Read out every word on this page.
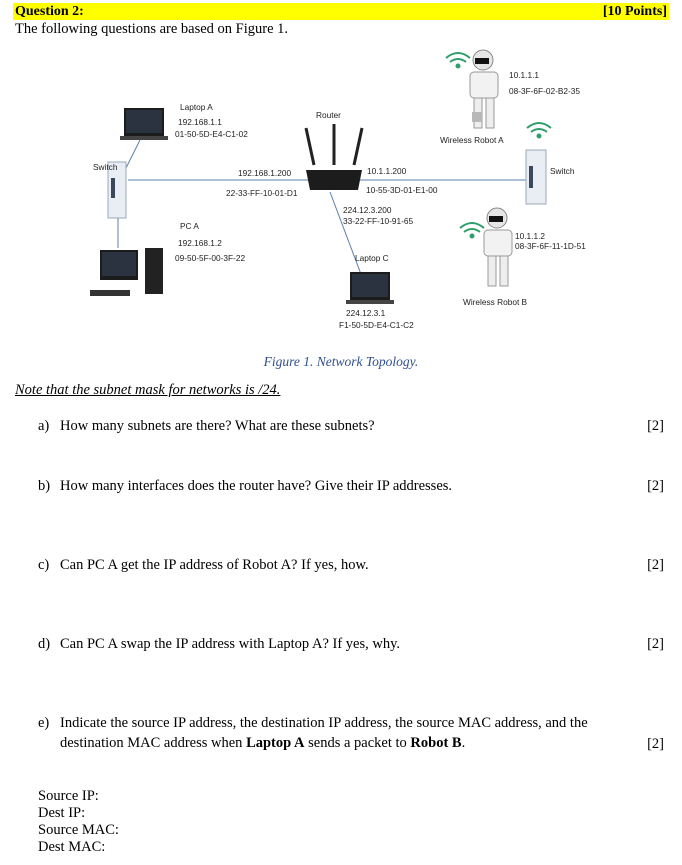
Question 2:	[10 Points]
The following questions are based on Figure 1.
Laptop A
192.168.1.1
01-50-5D-E4-C1-02
Router
Switch
192.168.1.200
22-33-FF-10-01-D1
10.1.1.200
10-55-3D-01-E1-00
224.12.3.200
33-22-FF-10-91-65
PC A
192.168.1.2
09-50-5F-00-3F-22	Laptop C
224.12.3.1
F1-50-5D-E4-C1-C2
10.1.1.1
08-3F-6F-02-B2-35
Wireless Robot A
Switch
10.1.1.2
08-3F-6F-11-1D-51
Wireless Robot B
Figure 1. Network Topology.
Note that the subnet mask for networks is /24.
a) How many subnets are there? What are these subnets?	[2]
b) How many interfaces does the router have? Give their IP addresses.	[2]
c) Can PC A get the IP address of Robot A? If yes, how.	[2]
d) Can PC A swap the IP address with Laptop A? If yes, why.	[2]
e) Indicate the source IP address, the destination IP address, the source MAC address, and the destination MAC address when Laptop A sends a packet to Robot B.	[2]
Source IP:
Dest IP:
Source MAC:
Dest MAC:
